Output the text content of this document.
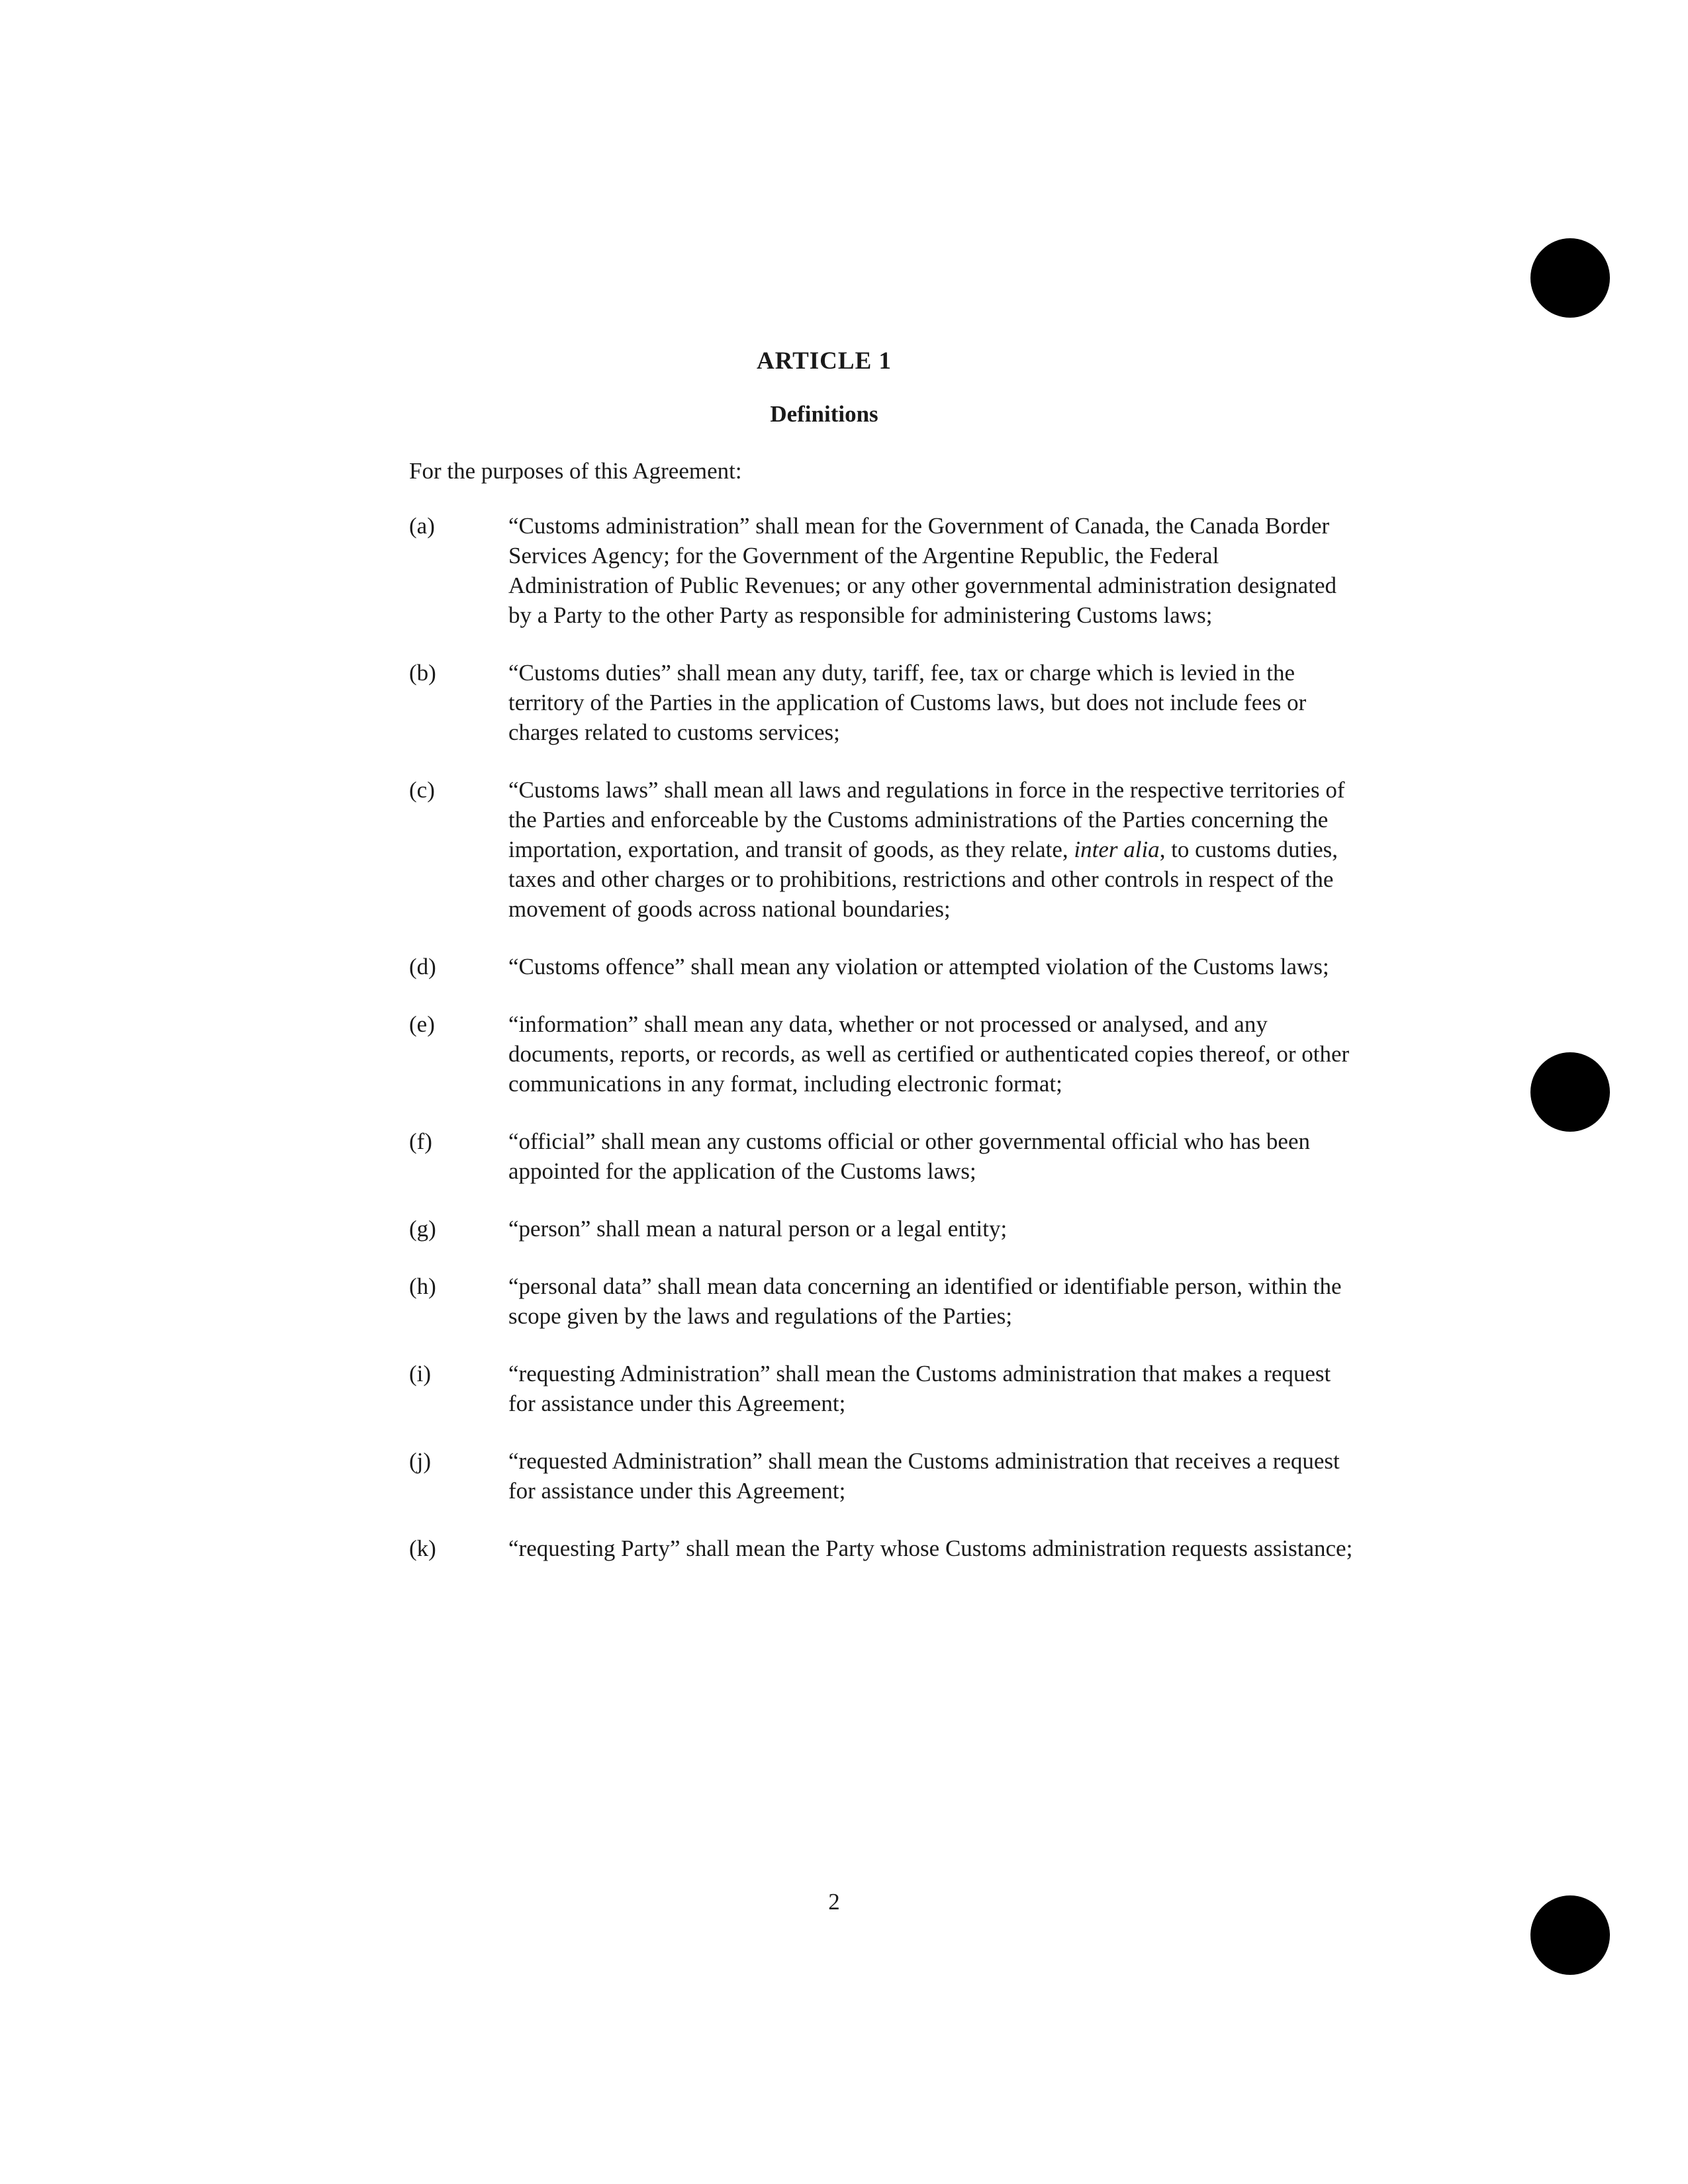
ARTICLE 1
Definitions
For the purposes of this Agreement:
(a)	“Customs administration” shall mean for the Government of Canada, the Canada Border Services Agency; for the Government of the Argentine Republic, the Federal Administration of Public Revenues; or any other governmental administration designated by a Party to the other Party as responsible for administering Customs laws;
(b)	“Customs duties” shall mean any duty, tariff, fee, tax or charge which is levied in the territory of the Parties in the application of Customs laws, but does not include fees or charges related to customs services;
(c)	“Customs laws” shall mean all laws and regulations in force in the respective territories of the Parties and enforceable by the Customs administrations of the Parties concerning the importation, exportation, and transit of goods, as they relate, inter alia, to customs duties, taxes and other charges or to prohibitions, restrictions and other controls in respect of the movement of goods across national boundaries;
(d)	“Customs offence” shall mean any violation or attempted violation of the Customs laws;
(e)	“information” shall mean any data, whether or not processed or analysed, and any documents, reports, or records, as well as certified or authenticated copies thereof, or other communications in any format, including electronic format;
(f)	“official” shall mean any customs official or other governmental official who has been appointed for the application of the Customs laws;
(g)	“person” shall mean a natural person or a legal entity;
(h)	“personal data” shall mean data concerning an identified or identifiable person, within the scope given by the laws and regulations of the Parties;
(i)	“requesting Administration” shall mean the Customs administration that makes a request for assistance under this Agreement;
(j)	“requested Administration” shall mean the Customs administration that receives a request for assistance under this Agreement;
(k)	“requesting Party” shall mean the Party whose Customs administration requests assistance;
2
